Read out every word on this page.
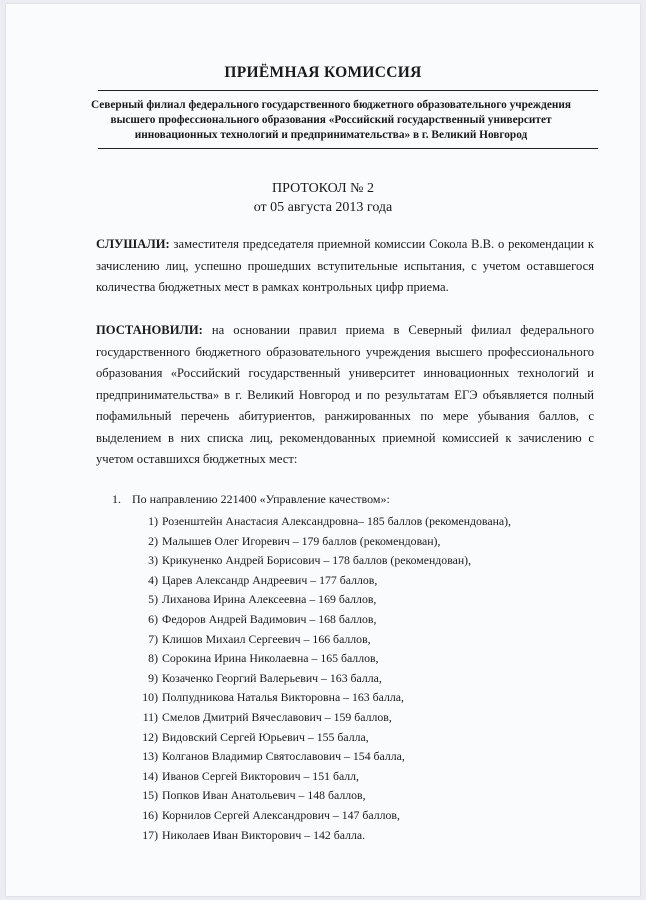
ПРИЁМНАЯ КОМИССИЯ
Северный филиал федерального государственного бюджетного образовательного учреждения высшего профессионального образования «Российский государственный университет инновационных технологий и предпринимательства» в г. Великий Новгород
ПРОТОКОЛ № 2
от 05 августа 2013 года
СЛУШАЛИ: заместителя председателя приемной комиссии Сокола В.В. о рекомендации к зачислению лиц, успешно прошедших вступительные испытания, с учетом оставшегося количества бюджетных мест в рамках контрольных цифр приема.
ПОСТАНОВИЛИ: на основании правил приема в Северный филиал федерального государственного бюджетного образовательного учреждения высшего профессионального образования «Российский государственный университет инновационных технологий и предпринимательства» в г. Великий Новгород и по результатам ЕГЭ объявляется полный пофамильный перечень абитуриентов, ранжированных по мере убывания баллов, с выделением в них списка лиц, рекомендованных приемной комиссией к зачислению с учетом оставшихся бюджетных мест:
1. По направлению 221400 «Управление качеством»:
1) Розенштейн Анастасия Александровна– 185 баллов (рекомендована),
2) Малышев Олег Игоревич – 179 баллов (рекомендован),
3) Крикуненко Андрей Борисович – 178 баллов (рекомендован),
4) Царев Александр Андреевич – 177 баллов,
5) Лиханова Ирина Алексеевна – 169 баллов,
6) Федоров Андрей Вадимович – 168 баллов,
7) Клишов Михаил Сергеевич – 166 баллов,
8) Сорокина Ирина Николаевна – 165 баллов,
9) Козаченко Георгий Валерьевич – 163 балла,
10) Полпудникова Наталья Викторовна – 163 балла,
11) Смелов Дмитрий Вячеславович – 159 баллов,
12) Видовский Сергей Юрьевич – 155 балла,
13) Колганов Владимир Святославович – 154 балла,
14) Иванов Сергей Викторович – 151 балл,
15) Попков Иван Анатольевич – 148 баллов,
16) Корнилов Сергей Александрович – 147 баллов,
17) Николаев Иван Викторович – 142 балла.
